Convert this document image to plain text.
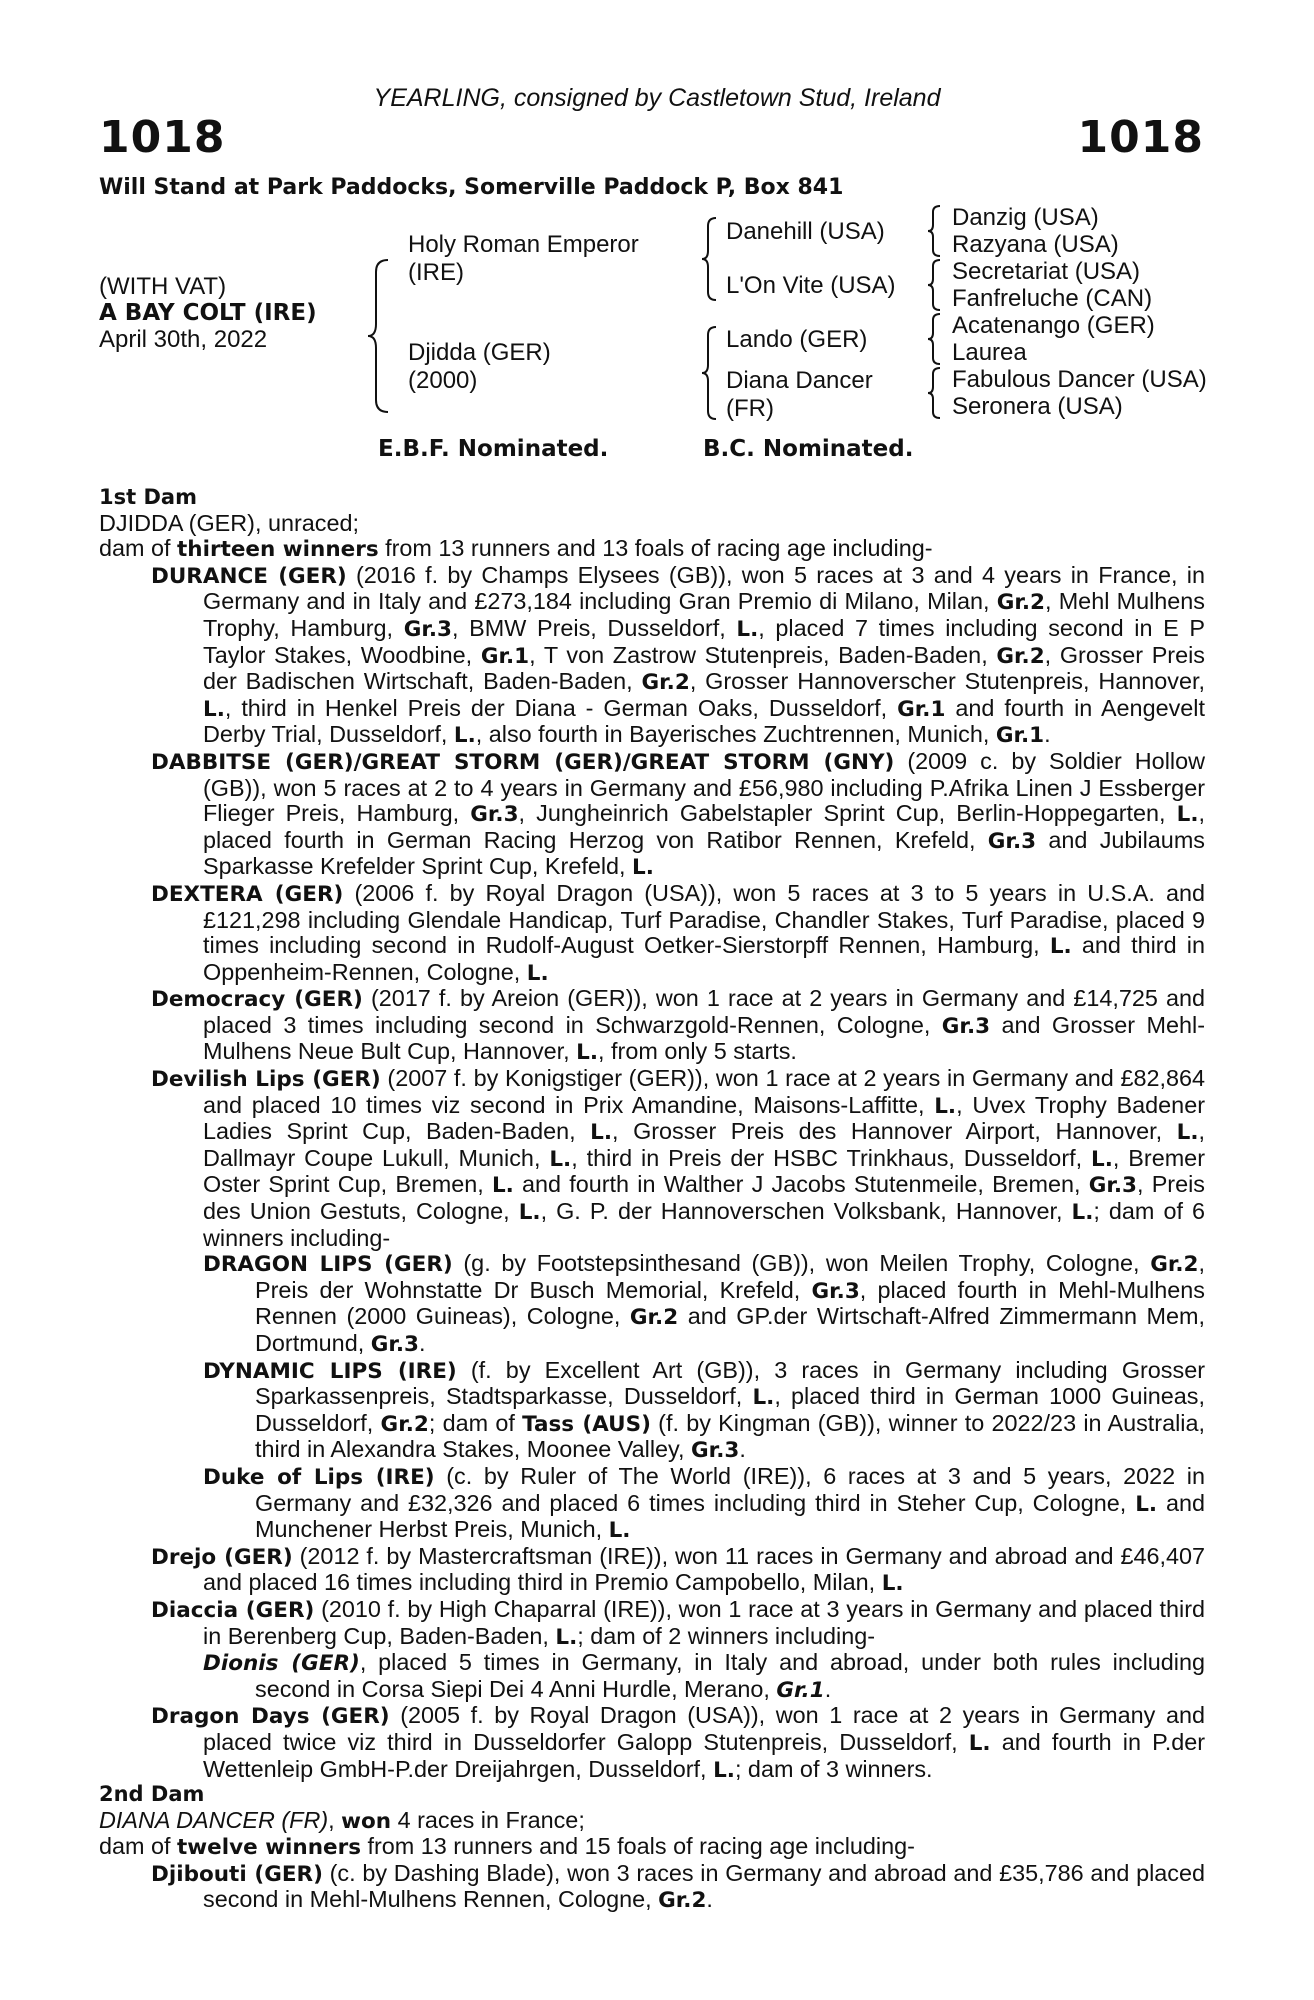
YEARLING, consigned by Castletown Stud, Ireland
1018	1018
Will Stand at Park Paddocks, Somerville Paddock P, Box 841
(WITH VAT)
A BAY COLT (IRE)
April 30th, 2022
Holy Roman Emperor
(IRE)
Djidda (GER)
(2000)
Danehill (USA)
L'On Vite (USA)
Lando (GER)
Diana Dancer
(FR)
Danzig (USA)
Razyana (USA)
Secretariat (USA)
Fanfreluche (CAN)
Acatenango (GER)
Laurea
Fabulous Dancer (USA)
Seronera (USA)
E.B.F. Nominated.	B.C. Nominated.
1st Dam
DJIDDA (GER), unraced;
dam of thirteen winners from 13 runners and 13 foals of racing age including-
DURANCE (GER) (2016 f. by Champs Elysees (GB)), won 5 races at 3 and 4 years in France, in Germany and in Italy and £273,184 including Gran Premio di Milano, Milan, Gr.2, Mehl Mulhens Trophy, Hamburg, Gr.3, BMW Preis, Dusseldorf, L., placed 7 times including second in E P Taylor Stakes, Woodbine, Gr.1, T von Zastrow Stutenpreis, Baden-Baden, Gr.2, Grosser Preis der Badischen Wirtschaft, Baden-Baden, Gr.2, Grosser Hannoverscher Stutenpreis, Hannover, L., third in Henkel Preis der Diana - German Oaks, Dusseldorf, Gr.1 and fourth in Aengevelt Derby Trial, Dusseldorf, L., also fourth in Bayerisches Zuchtrennen, Munich, Gr.1.
DABBITSE (GER)/GREAT STORM (GER)/GREAT STORM (GNY) (2009 c. by Soldier Hollow (GB)), won 5 races at 2 to 4 years in Germany and £56,980 including P.Afrika Linen J Essberger Flieger Preis, Hamburg, Gr.3, Jungheinrich Gabelstapler Sprint Cup, Berlin-Hoppegarten, L., placed fourth in German Racing Herzog von Ratibor Rennen, Krefeld, Gr.3 and Jubilaums Sparkasse Krefelder Sprint Cup, Krefeld, L.
DEXTERA (GER) (2006 f. by Royal Dragon (USA)), won 5 races at 3 to 5 years in U.S.A. and £121,298 including Glendale Handicap, Turf Paradise, Chandler Stakes, Turf Paradise, placed 9 times including second in Rudolf-August Oetker-Sierstorpff Rennen, Hamburg, L. and third in Oppenheim-Rennen, Cologne, L.
Democracy (GER) (2017 f. by Areion (GER)), won 1 race at 2 years in Germany and £14,725 and placed 3 times including second in Schwarzgold-Rennen, Cologne, Gr.3 and Grosser Mehl-Mulhens Neue Bult Cup, Hannover, L., from only 5 starts.
Devilish Lips (GER) (2007 f. by Konigstiger (GER)), won 1 race at 2 years in Germany and £82,864 and placed 10 times viz second in Prix Amandine, Maisons-Laffitte, L., Uvex Trophy Badener Ladies Sprint Cup, Baden-Baden, L., Grosser Preis des Hannover Airport, Hannover, L., Dallmayr Coupe Lukull, Munich, L., third in Preis der HSBC Trinkhaus, Dusseldorf, L., Bremer Oster Sprint Cup, Bremen, L. and fourth in Walther J Jacobs Stutenmeile, Bremen, Gr.3, Preis des Union Gestuts, Cologne, L., G. P. der Hannoverschen Volksbank, Hannover, L.; dam of 6 winners including-
DRAGON LIPS (GER) (g. by Footstepsinthesand (GB)), won Meilen Trophy, Cologne, Gr.2, Preis der Wohnstatte Dr Busch Memorial, Krefeld, Gr.3, placed fourth in Mehl-Mulhens Rennen (2000 Guineas), Cologne, Gr.2 and GP.der Wirtschaft-Alfred Zimmermann Mem, Dortmund, Gr.3.
DYNAMIC LIPS (IRE) (f. by Excellent Art (GB)), 3 races in Germany including Grosser Sparkassenpreis, Stadtsparkasse, Dusseldorf, L., placed third in German 1000 Guineas, Dusseldorf, Gr.2; dam of Tass (AUS) (f. by Kingman (GB)), winner to 2022/23 in Australia, third in Alexandra Stakes, Moonee Valley, Gr.3.
Duke of Lips (IRE) (c. by Ruler of The World (IRE)), 6 races at 3 and 5 years, 2022 in Germany and £32,326 and placed 6 times including third in Steher Cup, Cologne, L. and Munchener Herbst Preis, Munich, L.
Drejo (GER) (2012 f. by Mastercraftsman (IRE)), won 11 races in Germany and abroad and £46,407 and placed 16 times including third in Premio Campobello, Milan, L.
Diaccia (GER) (2010 f. by High Chaparral (IRE)), won 1 race at 3 years in Germany and placed third in Berenberg Cup, Baden-Baden, L.; dam of 2 winners including-
Dionis (GER), placed 5 times in Germany, in Italy and abroad, under both rules including second in Corsa Siepi Dei 4 Anni Hurdle, Merano, Gr.1.
Dragon Days (GER) (2005 f. by Royal Dragon (USA)), won 1 race at 2 years in Germany and placed twice viz third in Dusseldorfer Galopp Stutenpreis, Dusseldorf, L. and fourth in P.der Wettenleip GmbH-P.der Dreijahrgen, Dusseldorf, L.; dam of 3 winners.
2nd Dam
DIANA DANCER (FR), won 4 races in France;
dam of twelve winners from 13 runners and 15 foals of racing age including-
Djibouti (GER) (c. by Dashing Blade), won 3 races in Germany and abroad and £35,786 and placed second in Mehl-Mulhens Rennen, Cologne, Gr.2.
